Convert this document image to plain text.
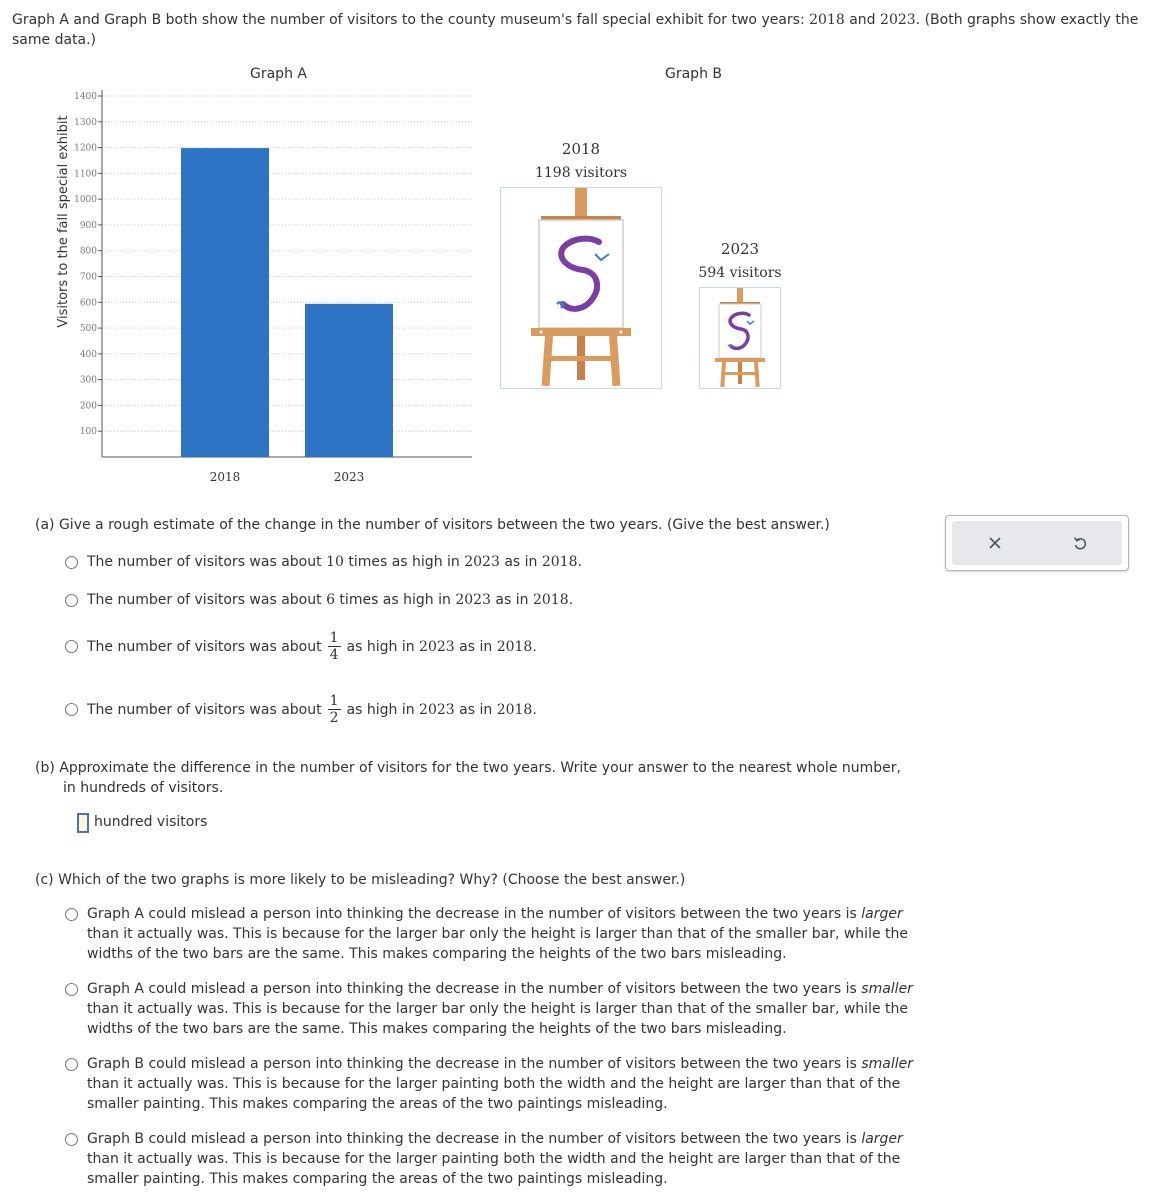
Graph A and Graph B both show the number of visitors to the county museum's fall special exhibit for two years: 2018 and 2023. (Both graphs show exactly the same data.)
Graph A
100
200
300
400
500
600
700
800
900
1000
1100
1200
1300
1400
Visitors to the fall special exhibit
2018	2023
Graph B
2018
1198 visitors
2023
594 visitors
(a) Give a rough estimate of the change in the number of visitors between the two years. (Give the best answer.)
The number of visitors was about 10 times as high in 2023 as in 2018.
The number of visitors was about 6 times as high in 2023 as in 2018.
The number of visitors was about $\frac{1}{4}$ as high in 2023 as in 2018.
The number of visitors was about $\frac{1}{2}$ as high in 2023 as in 2018.
(b) Approximate the difference in the number of visitors for the two years. Write your answer to the nearest whole number, in hundreds of visitors.
hundred visitors
(c) Which of the two graphs is more likely to be misleading? Why? (Choose the best answer.)
Graph A could mislead a person into thinking the decrease in the number of visitors between the two years is larger than it actually was. This is because for the larger bar only the height is larger than that of the smaller bar, while the widths of the two bars are the same. This makes comparing the heights of the two bars misleading.
Graph A could mislead a person into thinking the decrease in the number of visitors between the two years is smaller than it actually was. This is because for the larger bar only the height is larger than that of the smaller bar, while the widths of the two bars are the same. This makes comparing the heights of the two bars misleading.
Graph B could mislead a person into thinking the decrease in the number of visitors between the two years is smaller than it actually was. This is because for the larger painting both the width and the height are larger than that of the smaller painting. This makes comparing the areas of the two paintings misleading.
Graph B could mislead a person into thinking the decrease in the number of visitors between the two years is larger than it actually was. This is because for the larger painting both the width and the height are larger than that of the smaller painting. This makes comparing the areas of the two paintings misleading.
